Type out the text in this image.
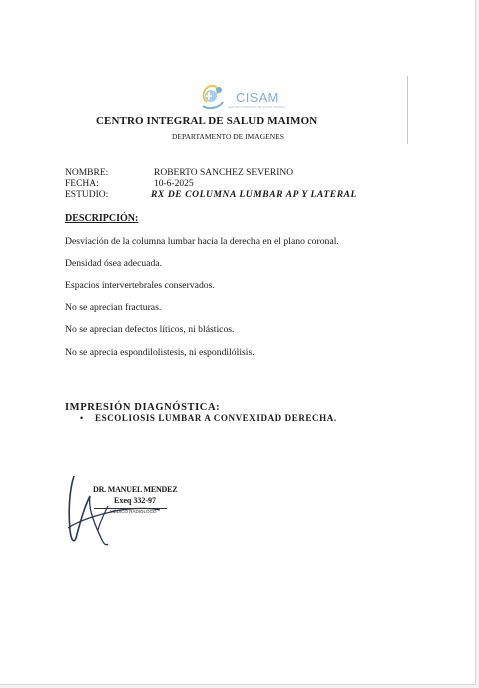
CISAM
CENTRO INTEGRAL DE SALUD MAIMON
CENTRO INTEGRAL DE SALUD MAIMON
DEPARTAMENTO DE IMAGENES
NOMBRE:	ROBERTO SANCHEZ SEVERINO
FECHA:	10-6-2025
ESTUDIO:	RX DE COLUMNA LUMBAR AP Y LATERAL
DESCRIPCIÓN:
Desviación de la columna lumbar hacia la derecha en el plano coronal.
Densidad ósea adecuada.
Espacios intervertebrales conservados.
No se aprecian fracturas.
No se aprecian defectos líticos, ni blásticos.
No se aprecia espondilolistesis, ni espondilólisis.
IMPRESIÓN DIAGNÓSTICA:
• ESCOLIOSIS LUMBAR A CONVEXIDAD DERECHA.
DR. MANUEL MENDEZ
Exeq 332-97
MÉDICO RADIÓLOGO
